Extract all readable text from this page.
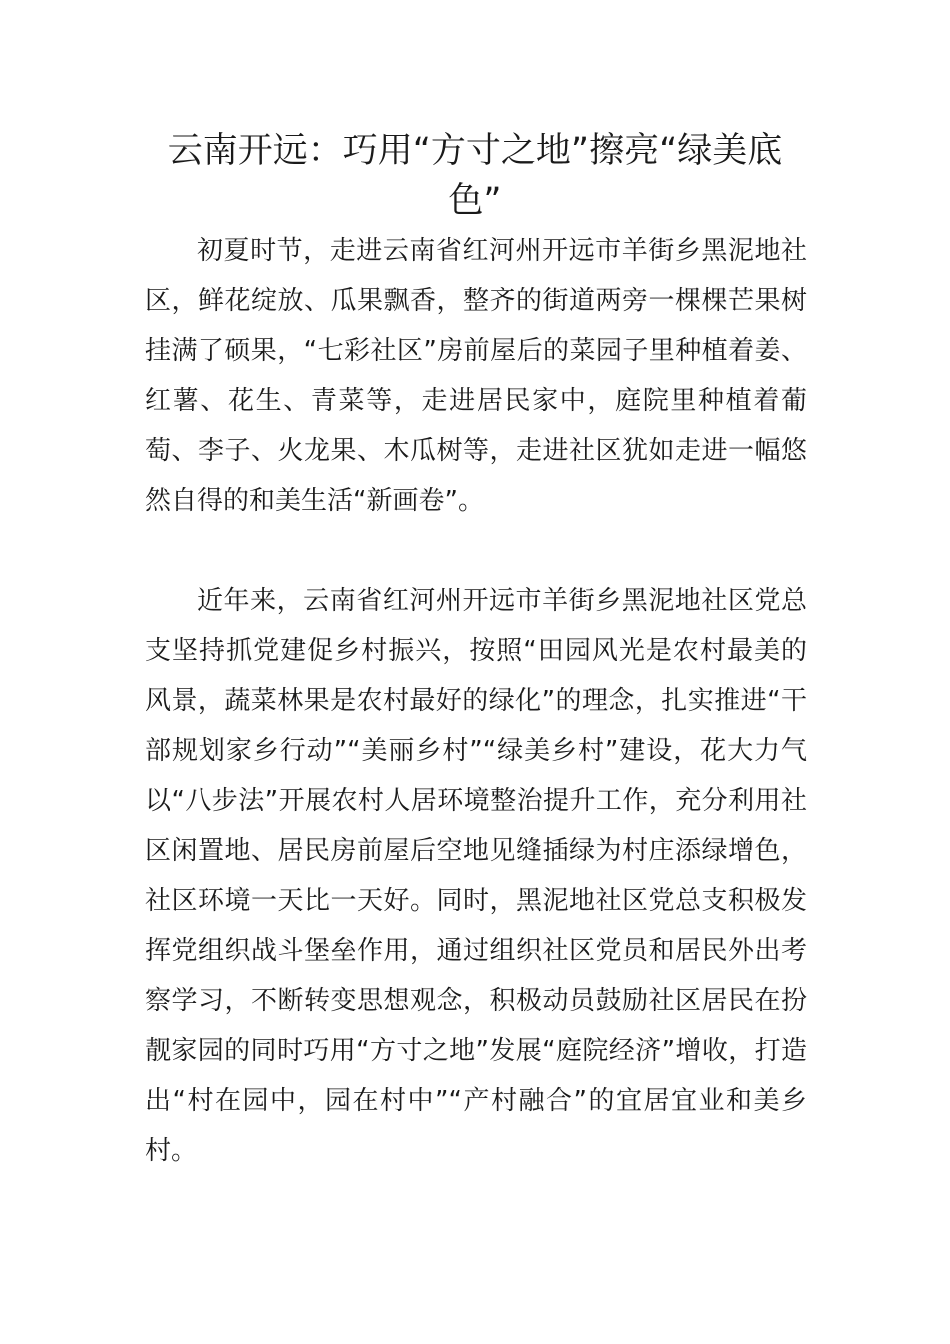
云南开远：巧用“方寸之地”擦亮“绿美底色”

初夏时节，走进云南省红河州开远市羊街乡黑泥地社区，鲜花绽放、瓜果飘香，整齐的街道两旁一棵棵芒果树挂满了硕果，“七彩社区”房前屋后的菜园子里种植着姜、红薯、花生、青菜等，走进居民家中，庭院里种植着葡萄、李子、火龙果、木瓜树等，走进社区犹如走进一幅悠然自得的和美生活“新画卷”。

近年来，云南省红河州开远市羊街乡黑泥地社区党总支坚持抓党建促乡村振兴，按照“田园风光是农村最美的风景，蔬菜林果是农村最好的绿化”的理念，扎实推进“干部规划家乡行动”“美丽乡村”“绿美乡村”建设，花大力气以“八步法”开展农村人居环境整治提升工作，充分利用社区闲置地、居民房前屋后空地见缝插绿为村庄添绿增色，社区环境一天比一天好。同时，黑泥地社区党总支积极发挥党组织战斗堡垒作用，通过组织社区党员和居民外出考察学习，不断转变思想观念，积极动员鼓励社区居民在扮靓家园的同时巧用“方寸之地”发展“庭院经济”增收，打造出“村在园中，园在村中”“产村融合”的宜居宜业和美乡村。
